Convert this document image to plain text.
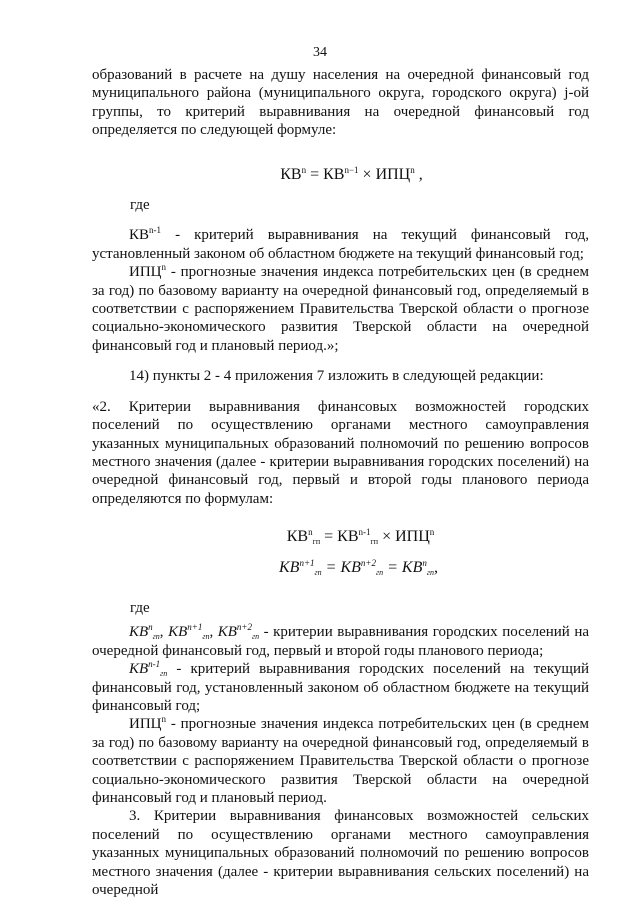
34

образований в расчете на душу населения на очередной финансовый год муниципального района (муниципального округа, городского округа) j-ой группы, то критерий выравнивания на очередной финансовый год определяется по следующей формуле:

$КВ^n = КВ^{n-1} \times ИПЦ^n$ ,

где

КВ$^{n-1}$ - критерий выравнивания на текущий финансовый год, установленный законом об областном бюджете на текущий финансовый год;

ИПЦ$^n$ - прогнозные значения индекса потребительских цен (в среднем за год) по базовому варианту на очередной финансовый год, определяемый в соответствии с распоряжением Правительства Тверской области о прогнозе социально-экономического развития Тверской области на очередной финансовый год и плановый период.»;

14) пункты 2 - 4 приложения 7 изложить в следующей редакции:

«2. Критерии выравнивания финансовых возможностей городских поселений по осуществлению органами местного самоуправления указанных муниципальных образований полномочий по решению вопросов местного значения (далее - критерии выравнивания городских поселений) на очередной финансовый год, первый и второй годы планового периода определяются по формулам:

$КВ^n_{гп} = КВ^{n-1}_{гп} \times ИПЦ^n$

$KB^{n+1}_{гп} = KB^{n+2}_{гп} = KB^n_{гп}$,

где

$KB^n_{гп}$, $KB^{n+1}_{гп}$, $KB^{n+2}_{гп}$ - критерии выравнивания городских поселений на очередной финансовый год, первый и второй годы планового периода;

$KB^{n-1}_{гп}$ - критерий выравнивания городских поселений на текущий финансовый год, установленный законом об областном бюджете на текущий финансовый год;

ИПЦ$^n$ - прогнозные значения индекса потребительских цен (в среднем за год) по базовому варианту на очередной финансовый год, определяемый в соответствии с распоряжением Правительства Тверской области о прогнозе социально-экономического развития Тверской области на очередной финансовый год и плановый период.

3. Критерии выравнивания финансовых возможностей сельских поселений по осуществлению органами местного самоуправления указанных муниципальных образований полномочий по решению вопросов местного значения (далее - критерии выравнивания сельских поселений) на очередной
